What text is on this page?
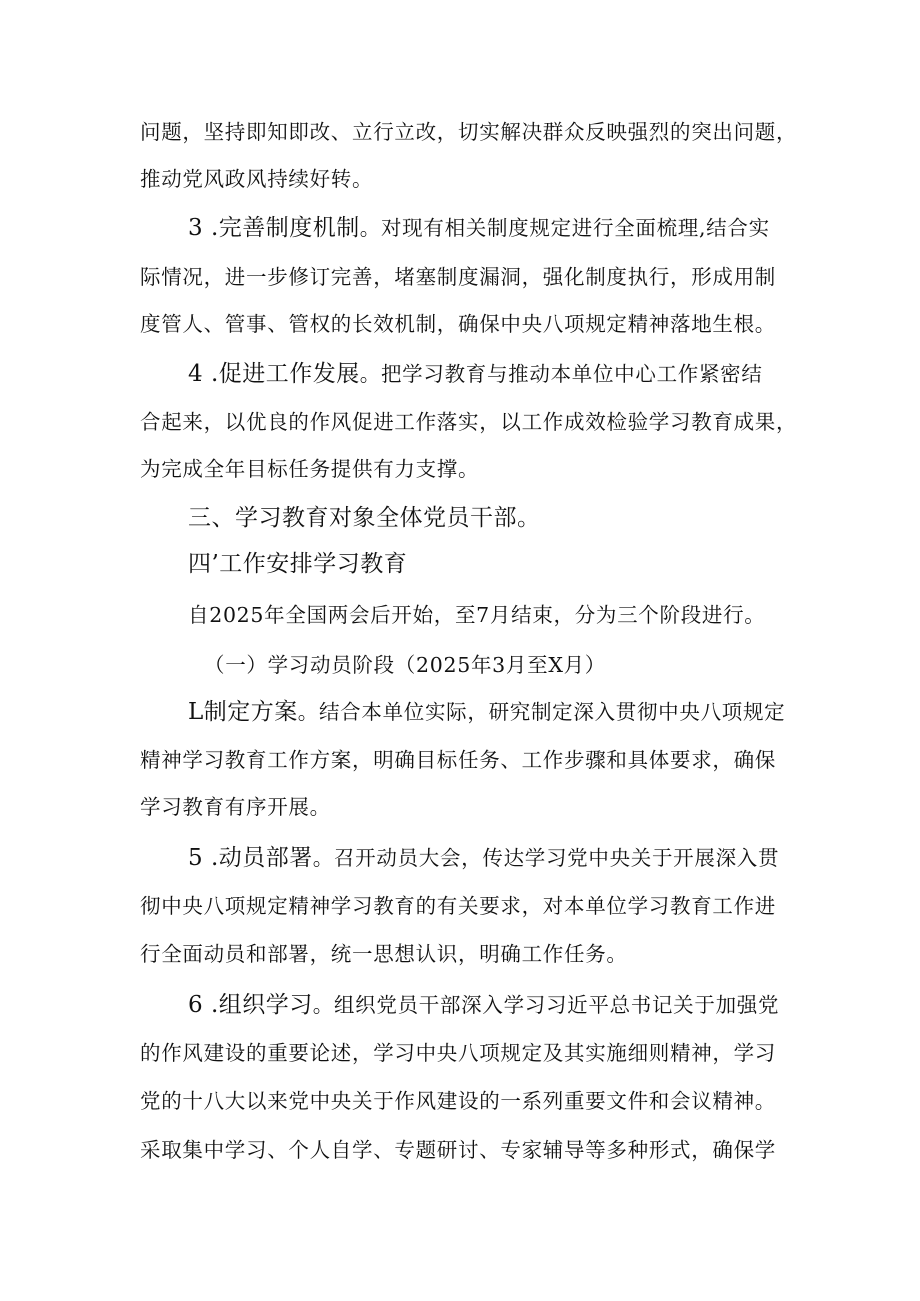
问题，坚持即知即改、立行立改，切实解决群众反映强烈的突出问题，
推动党风政风持续好转。
3 .完善制度机制。对现有相关制度规定进行全面梳理,结合实
际情况，进一步修订完善，堵塞制度漏洞，强化制度执行，形成用制
度管人、管事、管权的长效机制，确保中央八项规定精神落地生根。
4 .促进工作发展。把学习教育与推动本单位中心工作紧密结
合起来，以优良的作风促进工作落实，以工作成效检验学习教育成果，
为完成全年目标任务提供有力支撑。
三、学习教育对象全体党员干部。
四’工作安排学习教育
自2025年全国两会后开始，至7月结束，分为三个阶段进行。
（一）学习动员阶段（2025年3月至X月）
L制定方案。结合本单位实际，研究制定深入贯彻中央八项规定
精神学习教育工作方案，明确目标任务、工作步骤和具体要求，确保
学习教育有序开展。
5 .动员部署。召开动员大会，传达学习党中央关于开展深入贯
彻中央八项规定精神学习教育的有关要求，对本单位学习教育工作进
行全面动员和部署，统一思想认识，明确工作任务。
6 .组织学习。组织党员干部深入学习习近平总书记关于加强党
的作风建设的重要论述，学习中央八项规定及其实施细则精神，学习
党的十八大以来党中央关于作风建设的一系列重要文件和会议精神。
采取集中学习、个人自学、专题研讨、专家辅导等多种形式，确保学
